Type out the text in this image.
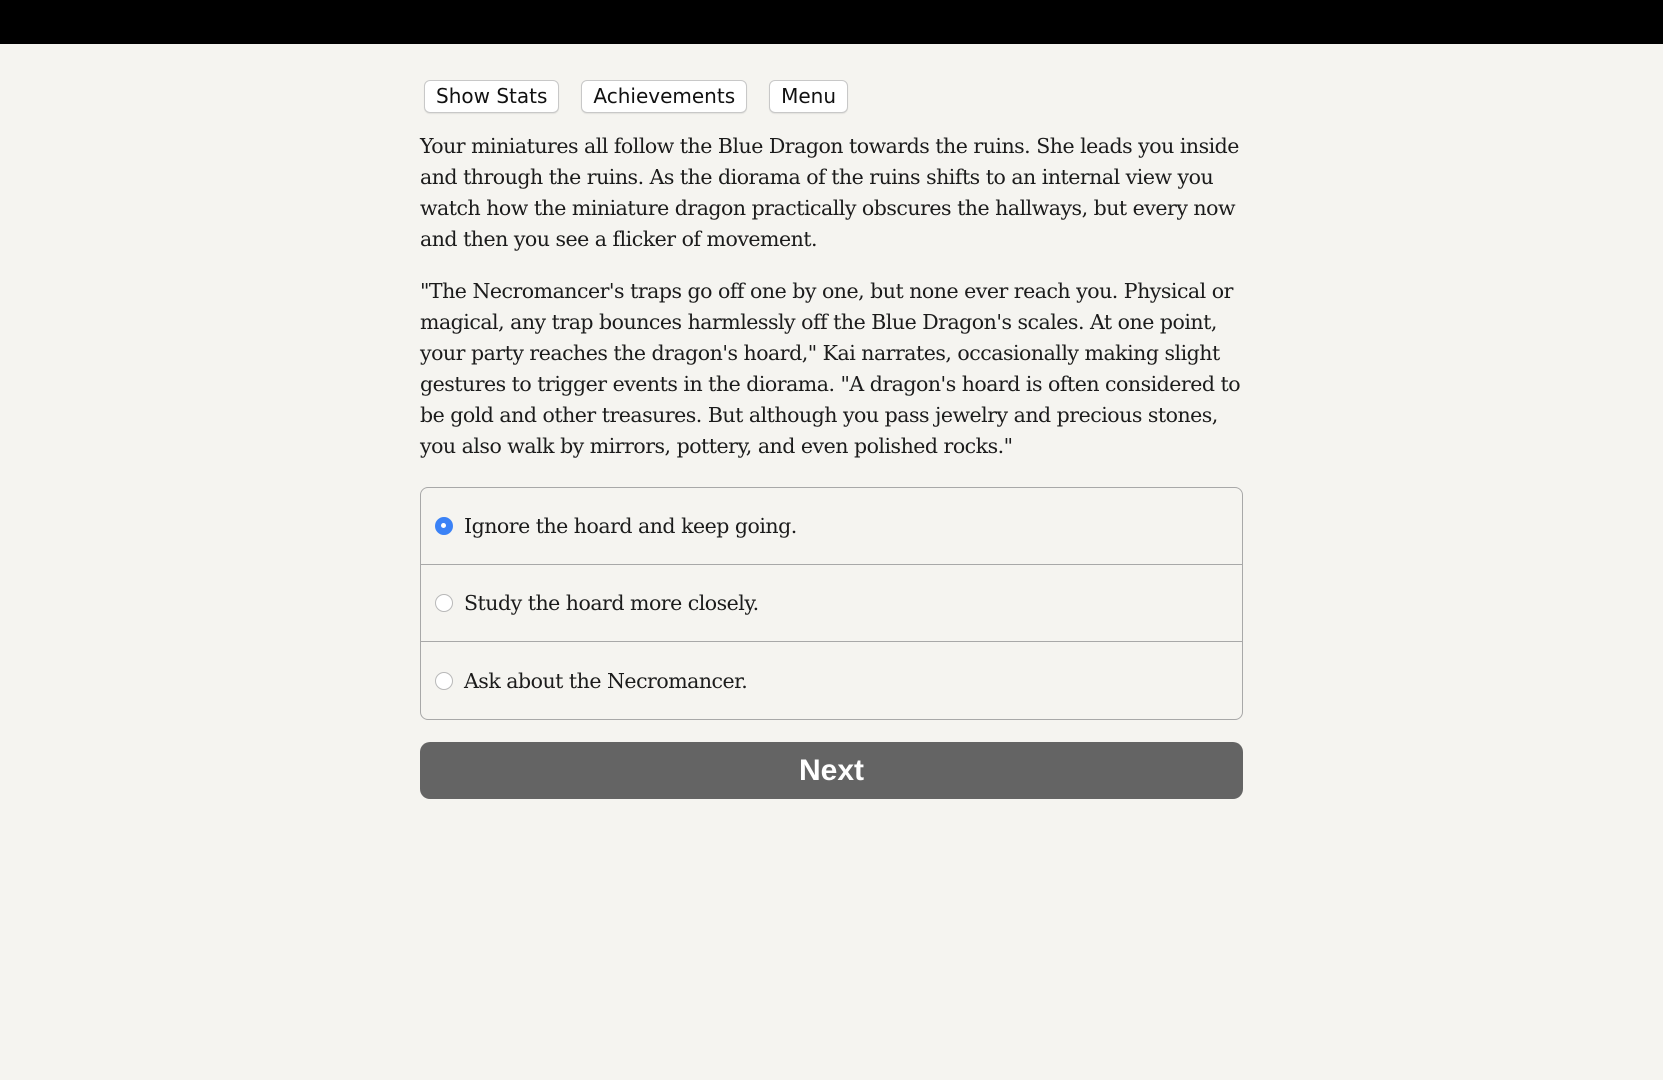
Show Stats	Achievements	Menu

Your miniatures all follow the Blue Dragon towards the ruins. She leads you inside and through the ruins. As the diorama of the ruins shifts to an internal view you watch how the miniature dragon practically obscures the hallways, but every now and then you see a flicker of movement.

"The Necromancer's traps go off one by one, but none ever reach you. Physical or magical, any trap bounces harmlessly off the Blue Dragon's scales. At one point, your party reaches the dragon's hoard," Kai narrates, occasionally making slight gestures to trigger events in the diorama. "A dragon's hoard is often considered to be gold and other treasures. But although you pass jewelry and precious stones, you also walk by mirrors, pottery, and even polished rocks."

Ignore the hoard and keep going.
Study the hoard more closely.
Ask about the Necromancer.
Next
